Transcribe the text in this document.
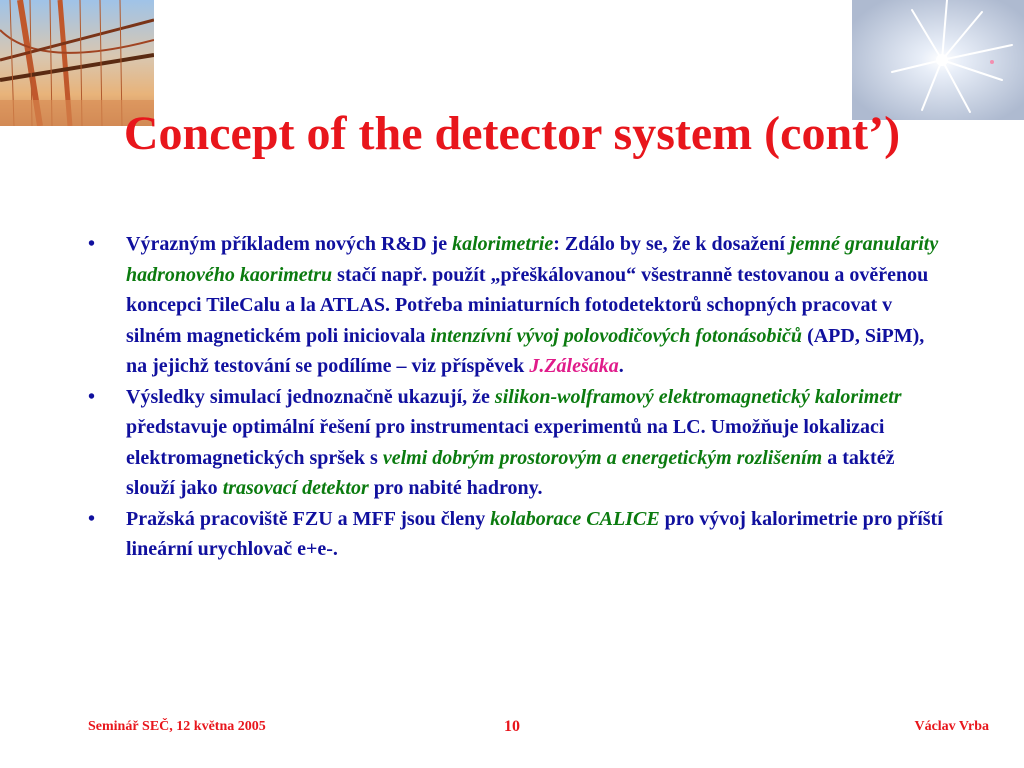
Concept of the detector system (cont’)
• Výrazným příkladem nových R&D je kalorimetrie: Zdálo by se, že k dosažení jemné granularity hadronového kaorimetru stačí např. použít „přeškálovanou“ všestranně testovanou a ověřenou koncepci TileCalu a la ATLAS. Potřeba miniaturních fotodetektorů schopných pracovat v silném magnetickém poli iniciovala intenzívní vývoj polovodičových fotonásobičů (APD, SiPM), na jejichž testování se podílíme – viz příspěvek J.Zálešáka.
• Výsledky simulací jednoznačně ukazují, že silikon-wolframový elektromagnetický kalorimetr představuje optimální řešení pro instrumentaci experimentů na LC. Umožňuje lokalizaci elektromagnetických spršek s velmi dobrým prostorovým a energetickým rozlišením a taktéž slouží jako trasovací detektor pro nabité hadrony.
• Pražská pracoviště FZU a MFF jsou členy kolaborace CALICE pro vývoj kalorimetrie pro příští lineární urychlovač e+e-.
Seminář SEČ, 12 května 2005	10	Václav Vrba
